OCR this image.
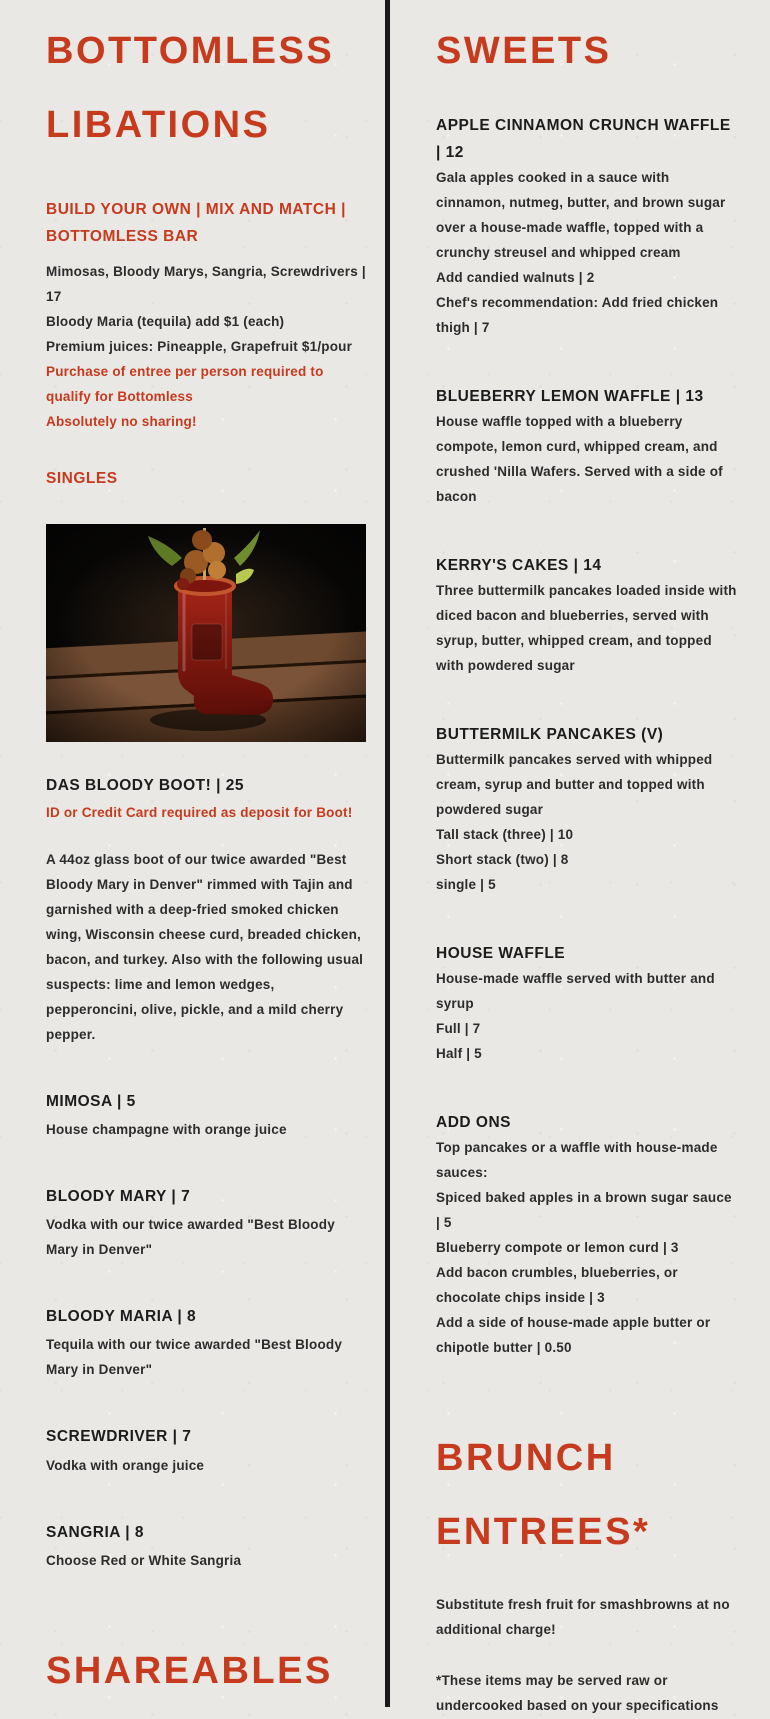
BOTTOMLESS LIBATIONS
BUILD YOUR OWN | MIX AND MATCH | BOTTOMLESS BAR

Mimosas, Bloody Marys, Sangria, Screwdrivers | 17

Bloody Maria (tequila) add $1 (each)

Premium juices: Pineapple, Grapefruit $1/pour

Purchase of entree per person required to qualify for Bottomless

Absolutely no sharing!

SINGLES
DAS BLOODY BOOT! | 25

ID or Credit Card required as deposit for Boot!

A 44oz glass boot of our twice awarded "Best Bloody Mary in Denver" rimmed with Tajin and garnished with a deep-fried smoked chicken wing, Wisconsin cheese curd, breaded chicken, bacon, and turkey. Also with the following usual suspects: lime and lemon wedges, pepperoncini, olive, pickle, and a mild cherry pepper.

MIMOSA | 5

House champagne with orange juice

BLOODY MARY | 7

Vodka with our twice awarded "Best Bloody Mary in Denver"

BLOODY MARIA | 8

Tequila with our twice awarded "Best Bloody Mary in Denver"

SCREWDRIVER | 7

Vodka with orange juice

SANGRIA | 8

Choose Red or White Sangria

SHAREABLES
SWEETS
APPLE CINNAMON CRUNCH WAFFLE | 12

Gala apples cooked in a sauce with cinnamon, nutmeg, butter, and brown sugar over a house-made waffle, topped with a crunchy streusel and whipped cream

Add candied walnuts | 2

Chef's recommendation: Add fried chicken thigh | 7

BLUEBERRY LEMON WAFFLE | 13

House waffle topped with a blueberry compote, lemon curd, whipped cream, and crushed 'Nilla Wafers. Served with a side of bacon

KERRY'S CAKES | 14

Three buttermilk pancakes loaded inside with diced bacon and blueberries, served with syrup, butter, whipped cream, and topped with powdered sugar

BUTTERMILK PANCAKES (V)

Buttermilk pancakes served with whipped cream, syrup and butter and topped with powdered sugar

Tall stack (three) | 10

Short stack (two) | 8

single | 5

HOUSE WAFFLE

House-made waffle served with butter and syrup

Full | 7

Half | 5

ADD ONS

Top pancakes or a waffle with house-made sauces:

Spiced baked apples in a brown sugar sauce | 5

Blueberry compote or lemon curd | 3

Add bacon crumbles, blueberries, or chocolate chips inside | 3

Add a side of house-made apple butter or chipotle butter | 0.50

BRUNCH ENTREES*

Substitute fresh fruit for smashbrowns at no additional charge!

*These items may be served raw or undercooked based on your specifications
